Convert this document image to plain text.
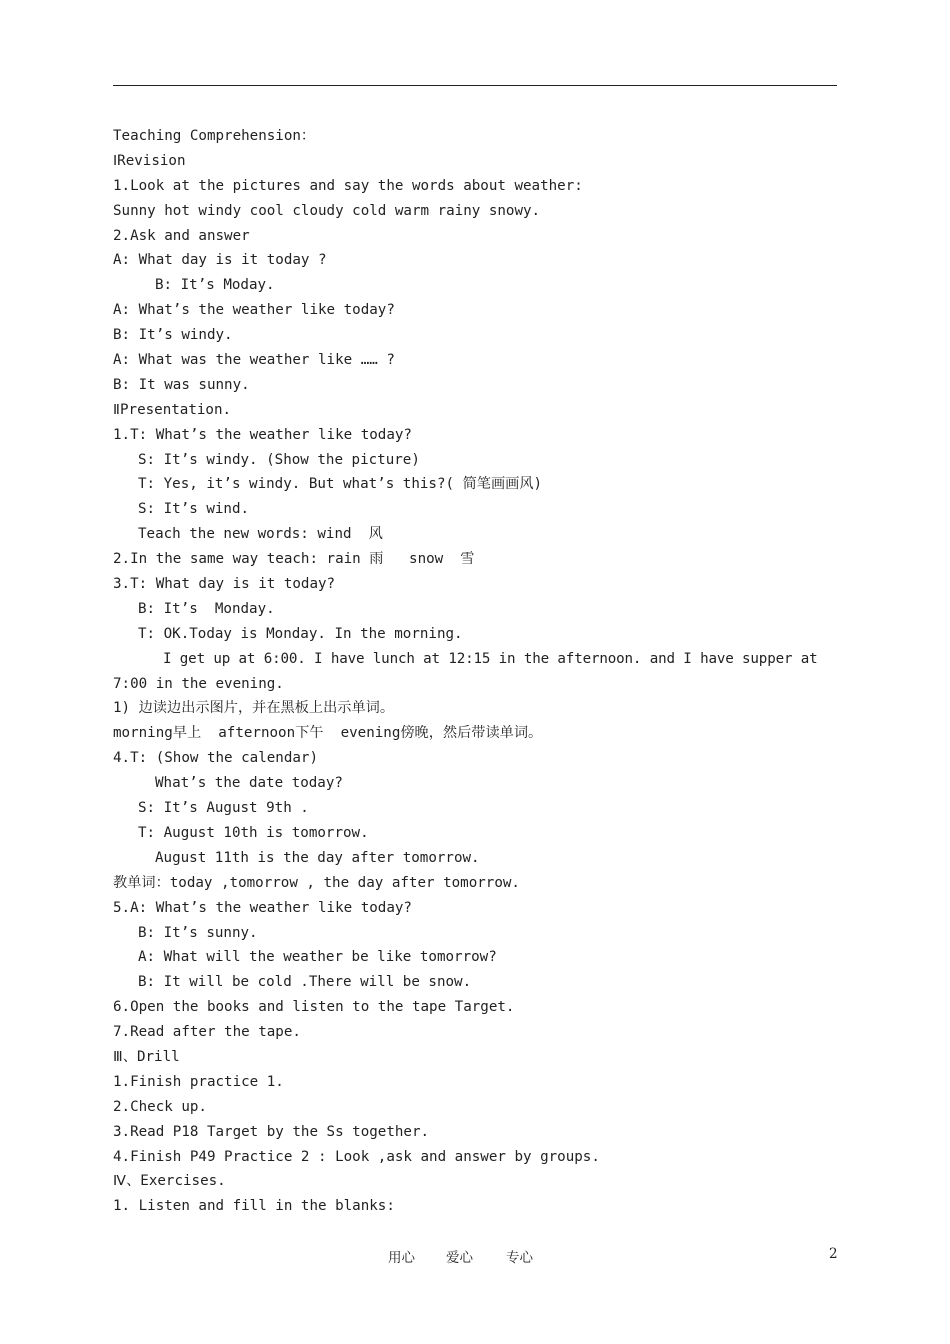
Teaching Comprehension：
ⅠRevision
1.Look at the pictures and say the words about weather:
Sunny hot windy cool cloudy cold warm rainy snowy.
2.Ask and answer
A: What day is it today ?
B: It’s Moday.
A: What’s the weather like today?
B: It’s windy.
A: What was the weather like …… ?
B: It was sunny.
ⅡPresentation.
1.T: What’s the weather like today?
S: It’s windy. (Show the picture)
T: Yes, it’s windy. But what’s this?( 简笔画画风)
S: It’s wind.
Teach the new words: wind  风
2.In the same way teach: rain 雨   snow  雪
3.T: What day is it today?
B: It’s  Monday.
T: OK.Today is Monday. In the morning.
I get up at 6:00. I have lunch at 12:15 in the afternoon. and I have supper at
7:00 in the evening.
1) 边读边出示图片，并在黑板上出示单词。
morning早上  afternoon下午  evening傍晚，然后带读单词。
4.T: (Show the calendar)
What’s the date today?
S: It’s August 9th .
T: August 10th is tomorrow.
August 11th is the day after tomorrow.
教单词：today ,tomorrow , the day after tomorrow.
5.A: What’s the weather like today?
B: It’s sunny.
A: What will the weather be like tomorrow?
B: It will be cold .There will be snow.
6.Open the books and listen to the tape Target.
7.Read after the tape.
Ⅲ、Drill
1.Finish practice 1.
2.Check up.
3.Read P18 Target by the Ss together.
4.Finish P49 Practice 2 : Look ,ask and answer by groups.
Ⅳ、Exercises.
1. Listen and fill in the blanks:
用心 爱心 专心	2
